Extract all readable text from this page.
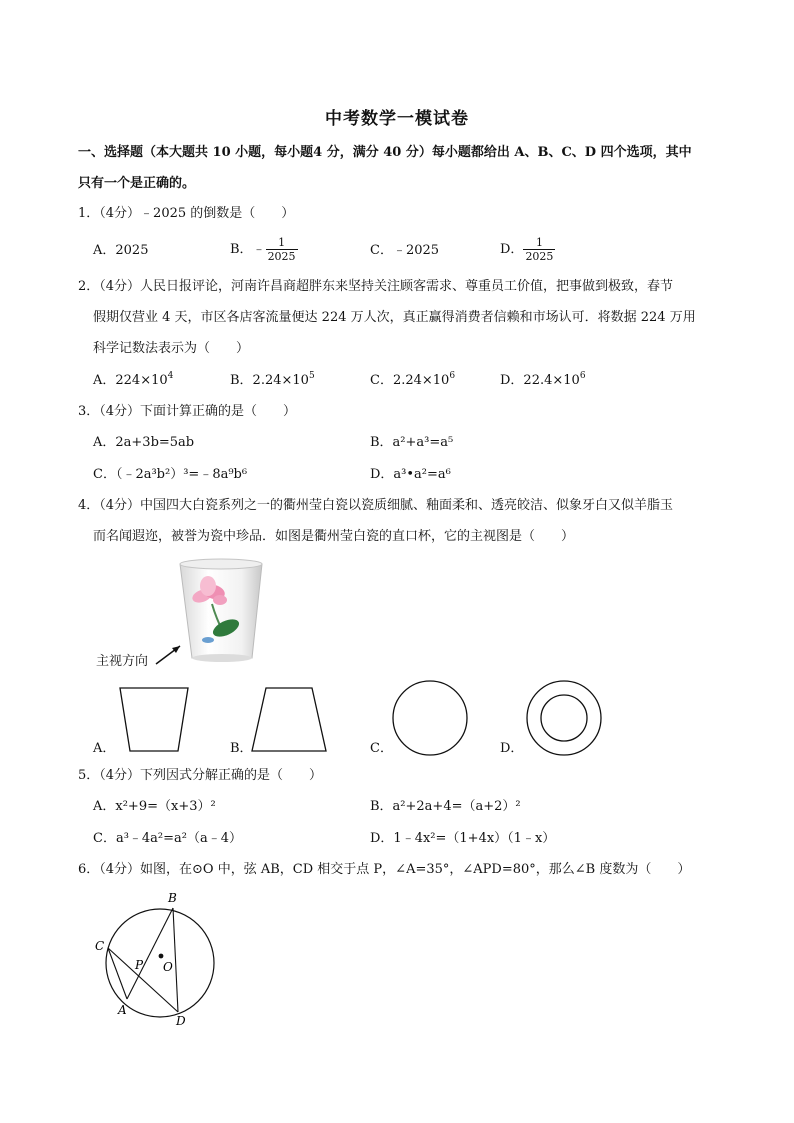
中考数学一模试卷
一、选择题（本大题共 10 小题，每小题4 分，满分 40 分）每小题都给出 A、B、C、D 四个选项，其中
只有一个是正确的。
1．（4分）﹣2025 的倒数是（　　）
A．2025	B．﹣ $\frac{1}{2025}$	C．﹣2025	D． $\frac{1}{2025}$
2．（4分）人民日报评论，河南许昌商超胖东来坚持关注顾客需求、尊重员工价值，把事做到极致，春节
假期仅营业 4 天，市区各店客流量便达 224 万人次，真正赢得消费者信赖和市场认可．将数据 224 万用
科学记数法表示为（　　）
A．$224\times 10^4$	B．$2.24\times 10^5$	C．$2.24\times 10^6$	D．$22.4\times 10^6$
3．（4分）下面计算正确的是（　　）
A．2a+3b=5ab	B．a²+a³=a⁵
C．（﹣2a³b²）³=﹣8a⁹b⁶	D．a³•a²=a⁶
4．（4分）中国四大白瓷系列之一的衢州莹白瓷以瓷质细腻、釉面柔和、透亮皎洁、似象牙白又似羊脂玉
而名闻遐迩，被誉为瓷中珍品．如图是衢州莹白瓷的直口杯，它的主视图是（　　）
主视方向
A．	B．	C．	D．
5．（4分）下列因式分解正确的是（　　）
A．x²+9=（x+3）²	B．a²+2a+4=（a+2）²
C．a³﹣4a²=a²（a﹣4）	D．1﹣4x²=（1+4x）（1﹣x）
6．（4分）如图，在⊙O 中，弦 AB，CD 相交于点 P，∠A=35°，∠APD=80°，那么∠B 度数为（　　）
B
C
P O
A
D
